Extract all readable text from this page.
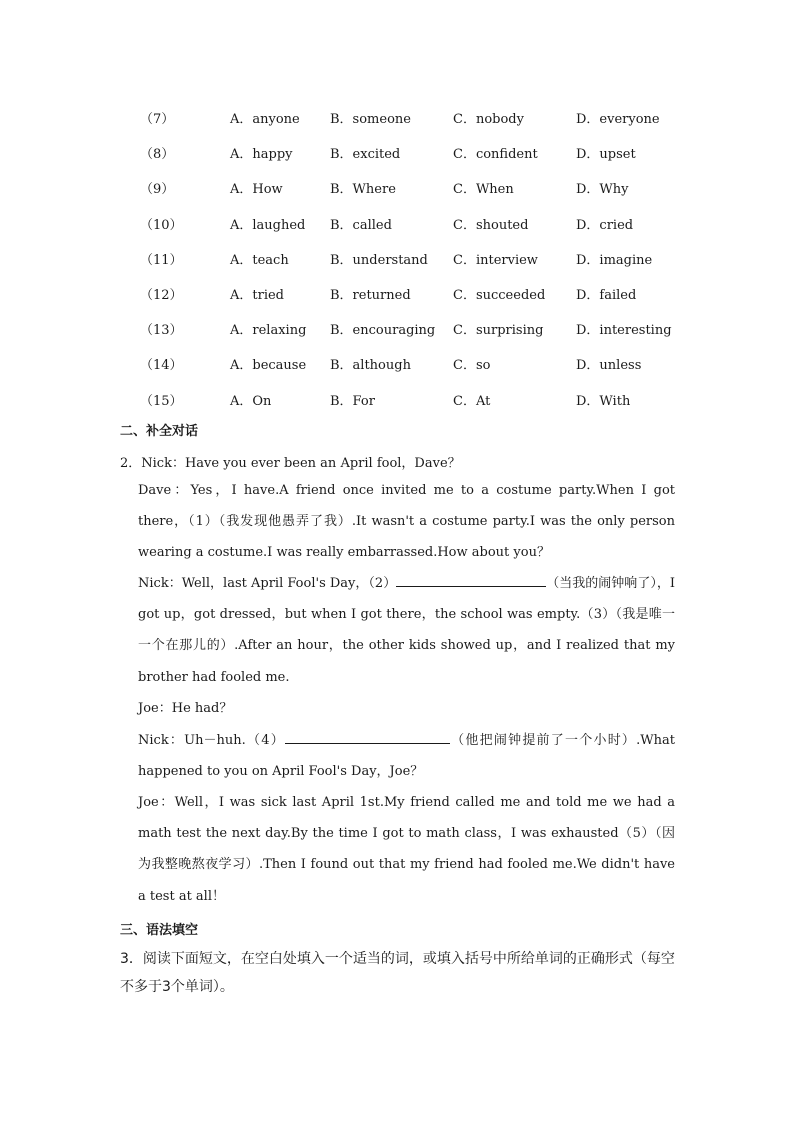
（7）	A．anyone	B．someone	C．nobody	D．everyone
（8）	A．happy	B．excited	C．confident	D．upset
（9）	A．How	B．Where	C．When	D．Why
（10）	A．laughed	B．called	C．shouted	D．cried
（11）	A．teach	B．understand	C．interview	D．imagine
（12）	A．tried	B．returned	C．succeeded	D．failed
（13）	A．relaxing	B．encouraging	C．surprising	D．interesting
（14）	A．because	B．although	C．so	D．unless
（15）	A．On	B．For	C．At	D．With
二、补全对话
2．Nick：Have you ever been an April fool，Dave？
Dave：Yes，I have.A friend once invited me to a costume party.When I got there，（1）（我发现他愚弄了我）.It wasn't a costume party.I was the only person wearing a costume.I was really embarrassed.How about you？
Nick：Well，last April Fool's Day，（2）	（当我的闹钟响了），I got up，got dressed，but when I got there，the school was empty.（3）（我是唯一一个在那儿的）.After an hour，the other kids showed up，and I realized that my brother had fooled me.
Joe：He had？
Nick：Uh－huh.（4）	（他把闹钟提前了一个小时）.What happened to you on April Fool's Day，Joe？
Joe：Well，I was sick last April 1st.My friend called me and told me we had a math test the next day.By the time I got to math class，I was exhausted（5）（因为我整晚熬夜学习）.Then I found out that my friend had fooled me.We didn't have a test at all！
三、语法填空
3．阅读下面短文，在空白处填入一个适当的词，或填入括号中所给单词的正确形式（每空不多于3个单词）。
